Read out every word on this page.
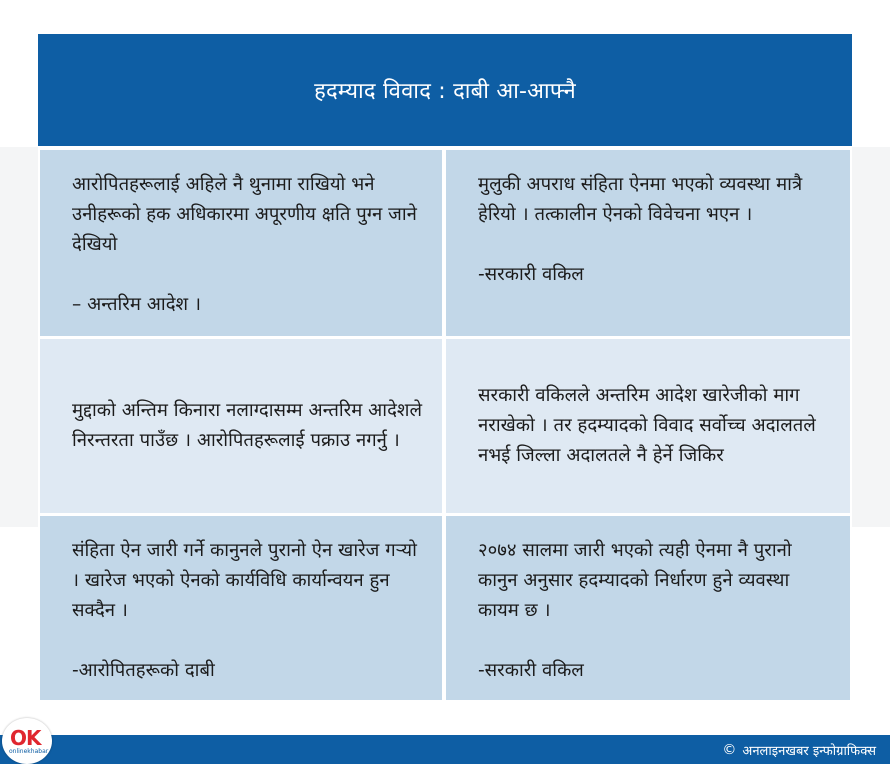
हदम्याद विवाद : दाबी आ-आफ्नै
आरोपितहरूलाई अहिले नै थुनामा राखियो भने उनीहरूको हक अधिकारमा अपूरणीय क्षति पुग्न जाने देखियो
– अन्तरिम आदेश ।
मुलुकी अपराध संहिता ऐनमा भएको व्यवस्था मात्रै हेरियो । तत्कालीन ऐनको विवेचना भएन ।
-सरकारी वकिल
मुद्दाको अन्तिम किनारा नलाग्दासम्म अन्तरिम आदेशले निरन्तरता पाउँछ । आरोपितहरूलाई पक्राउ नगर्नु ।
सरकारी वकिलले अन्तरिम आदेश खारेजीको माग नराखेको । तर हदम्यादको विवाद सर्वोच्च अदालतले नभई जिल्ला अदालतले नै हेर्ने जिकिर
संहिता ऐन जारी गर्ने कानुनले पुरानो ऐन खारेज गर्‍यो । खारेज भएको ऐनको कार्यविधि कार्यान्वयन हुन सक्दैन ।
-आरोपितहरूको दाबी
२०७४ सालमा जारी भएको त्यही ऐनमा नै पुरानो कानुन अनुसार हदम्यादको निर्धारण हुने व्यवस्था कायम छ ।
-सरकारी वकिल
OK
onlinekhabar	© अनलाइनखबर इन्फोग्राफिक्स
